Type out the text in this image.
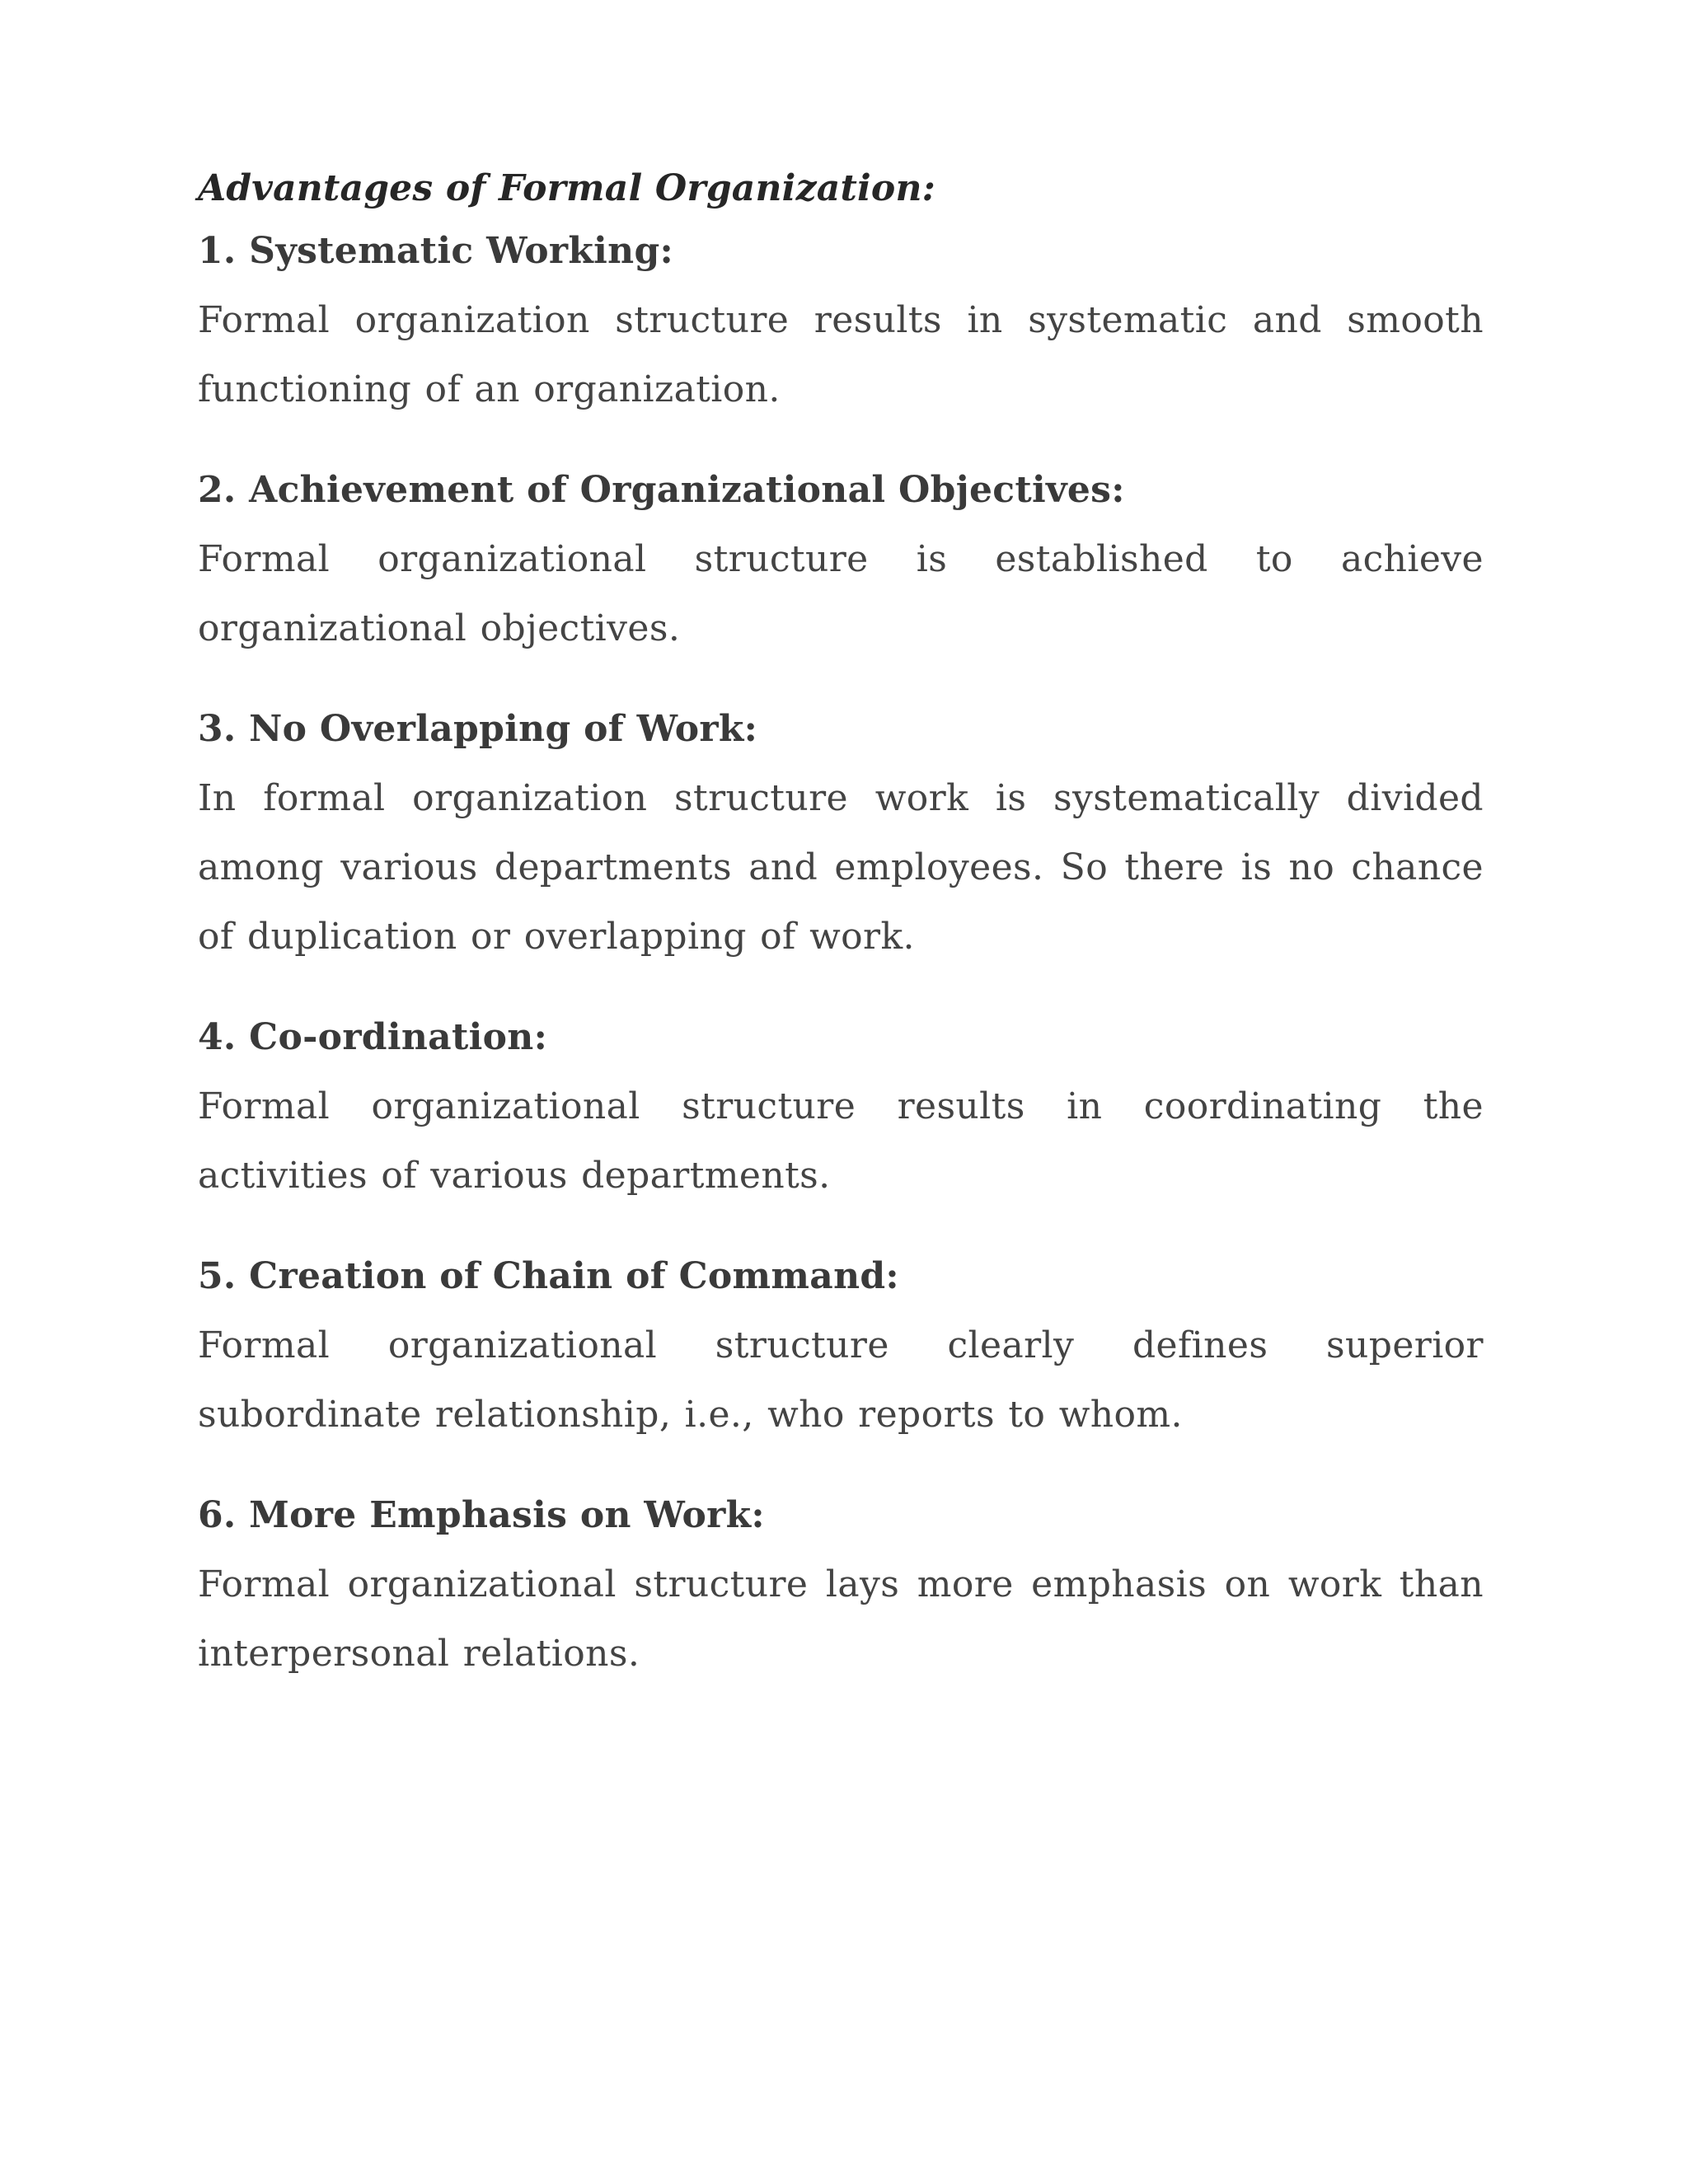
Advantages of Formal Organization:
1. Systematic Working:

Formal organization structure results in systematic and smooth functioning of an organization.

2. Achievement of Organizational Objectives:

Formal organizational structure is established to achieve organizational objectives.

3. No Overlapping of Work:

In formal organization structure work is systematically divided among various departments and employees. So there is no chance of duplication or overlapping of work.

4. Co-ordination:

Formal organizational structure results in coordinating the activities of various departments.

5. Creation of Chain of Command:

Formal organizational structure clearly defines superior subordinate relationship, i.e., who reports to whom.

6. More Emphasis on Work:

Formal organizational structure lays more emphasis on work than interpersonal relations.
